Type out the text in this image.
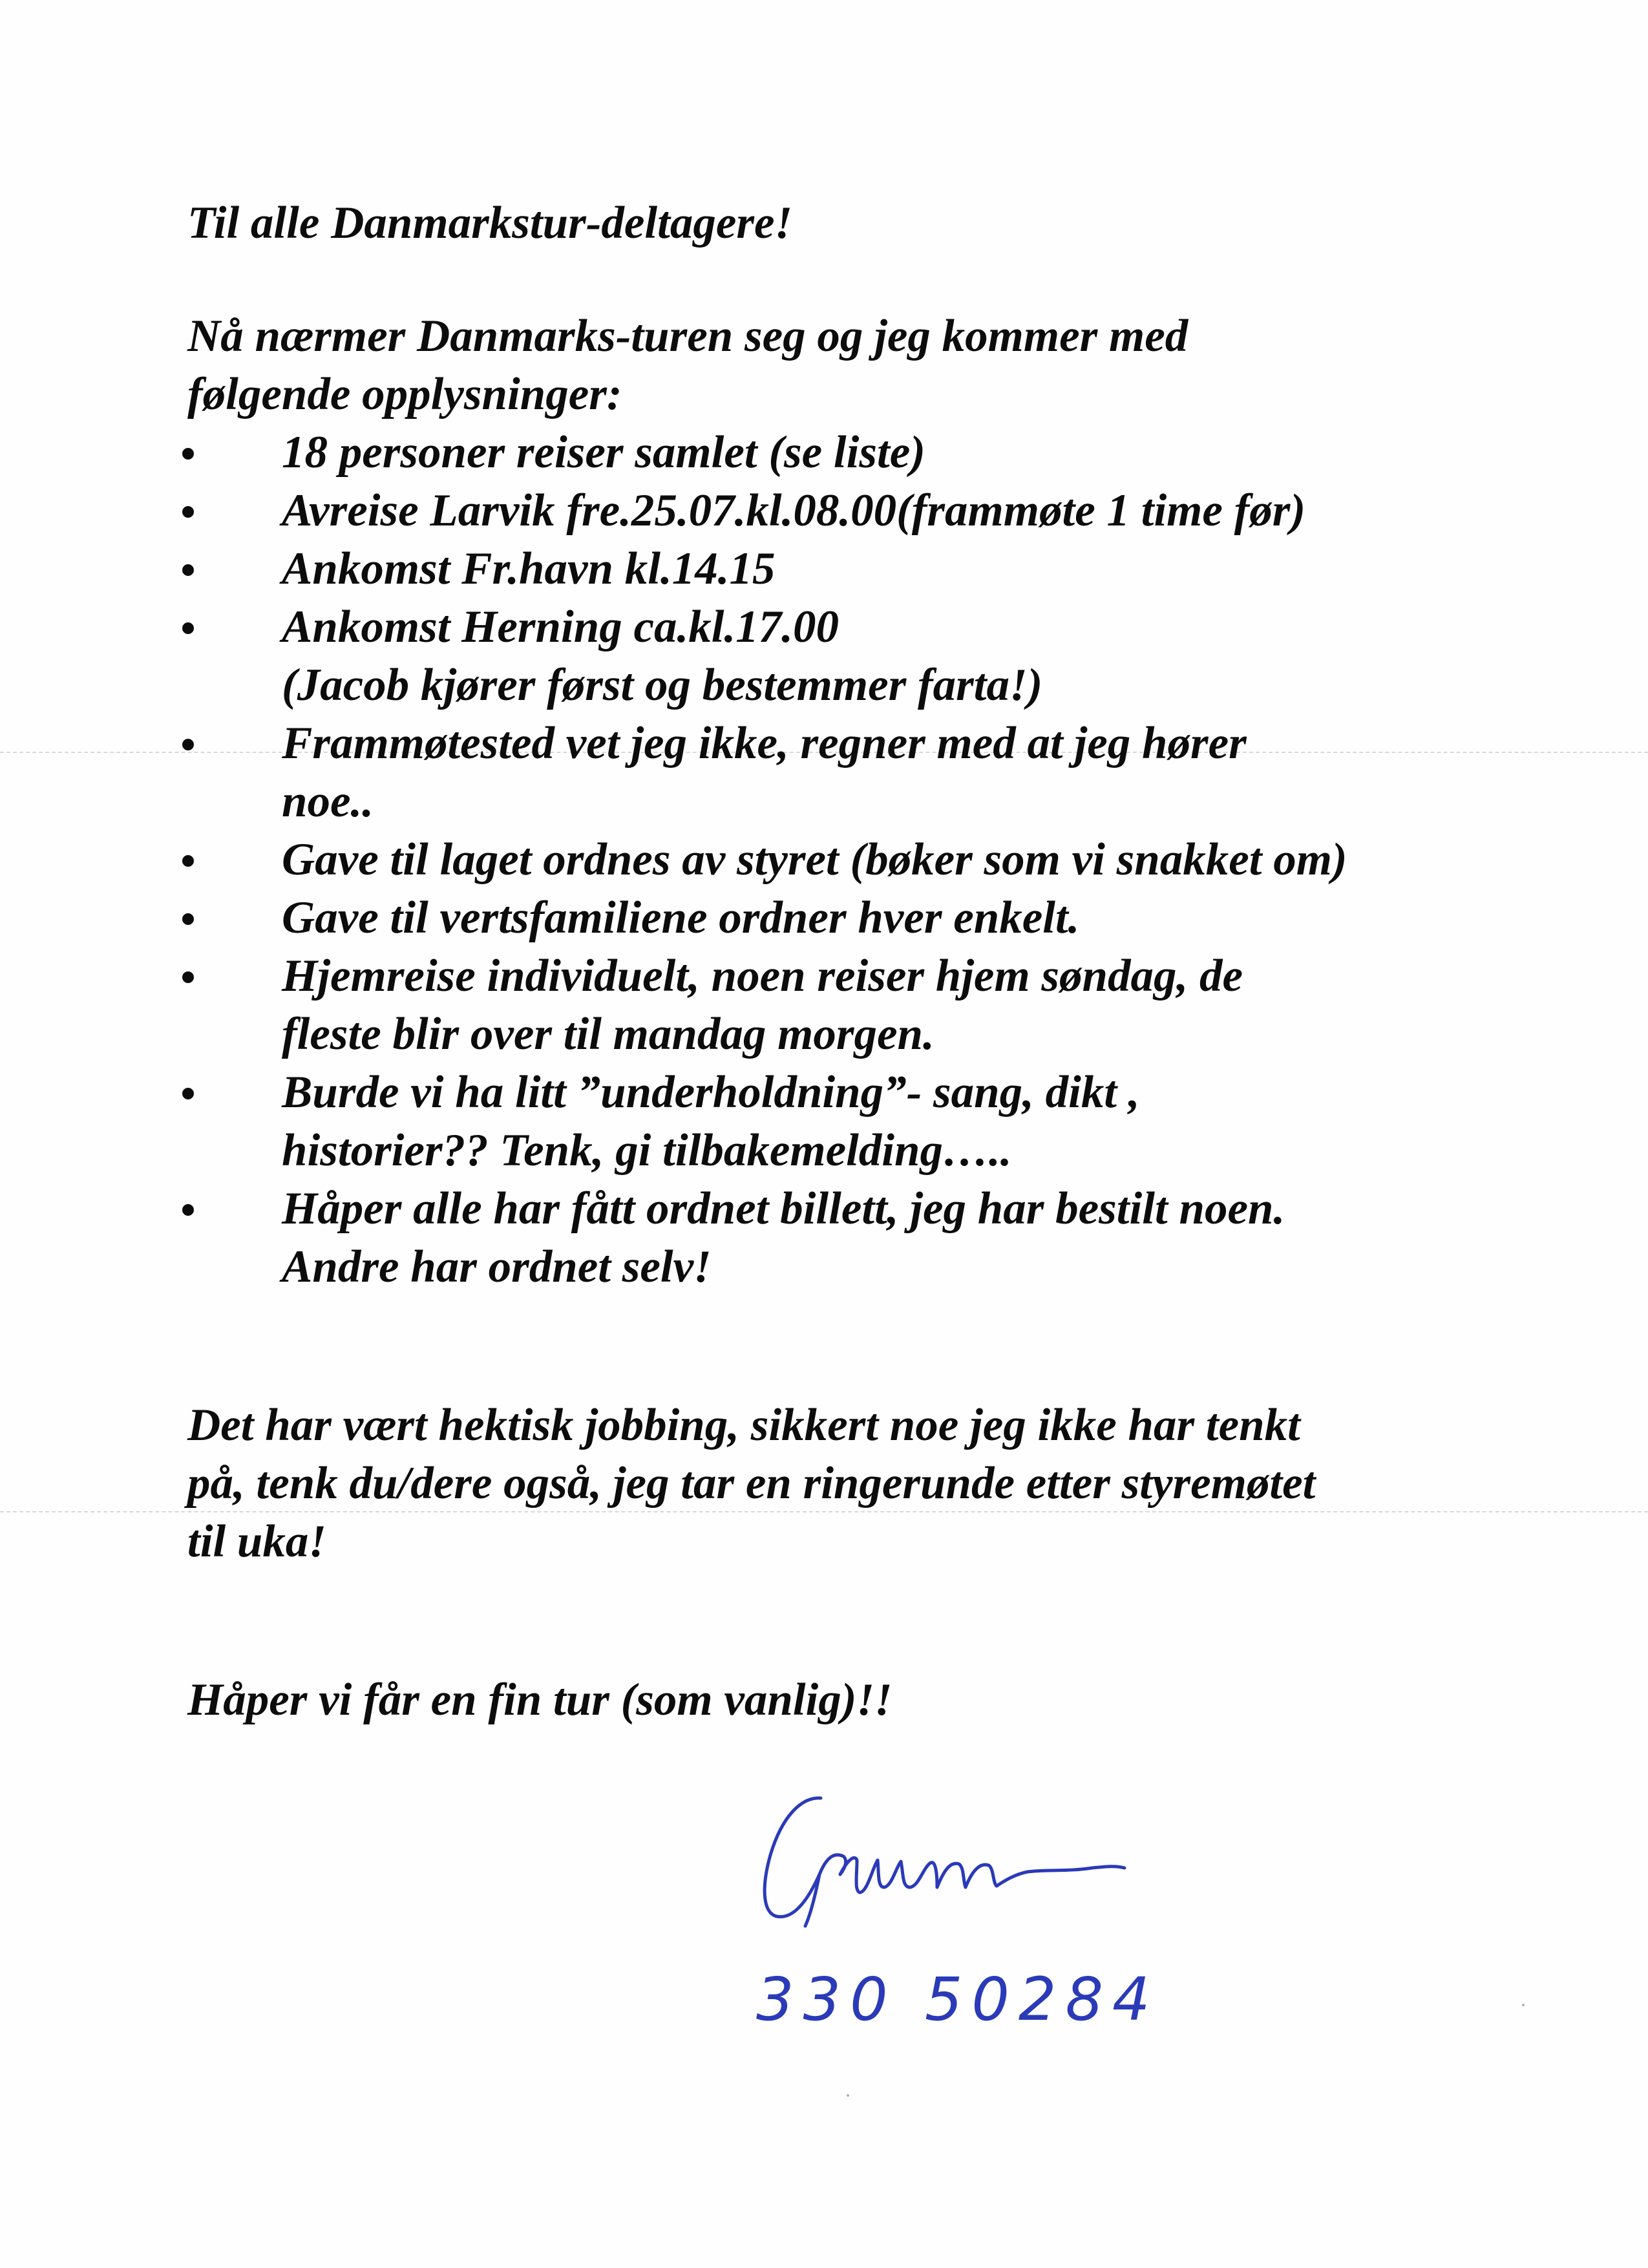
Til alle Danmarkstur-deltagere!
Nå nærmer Danmarks-turen seg og jeg kommer med
følgende opplysninger:
18 personer reiser samlet (se liste)
Avreise Larvik fre.25.07.kl.08.00(frammøte 1 time før)
Ankomst Fr.havn kl.14.15
Ankomst Herning ca.kl.17.00
(Jacob kjører først og bestemmer farta!)
Frammøtested vet jeg ikke, regner med at jeg hører
noe..
Gave til laget ordnes av styret (bøker som vi snakket om)
Gave til vertsfamiliene ordner hver enkelt.
Hjemreise individuelt, noen reiser hjem søndag, de
fleste blir over til mandag morgen.
Burde vi ha litt ”underholdning”- sang, dikt ,
historier?? Tenk, gi tilbakemelding…..
Håper alle har fått ordnet billett, jeg har bestilt noen.
Andre har ordnet selv!
Det har vært hektisk jobbing, sikkert noe jeg ikke har tenkt
på, tenk du/dere også, jeg tar en ringerunde etter styremøtet
til uka!
Håper vi får en fin tur (som vanlig)!!
330 50284
